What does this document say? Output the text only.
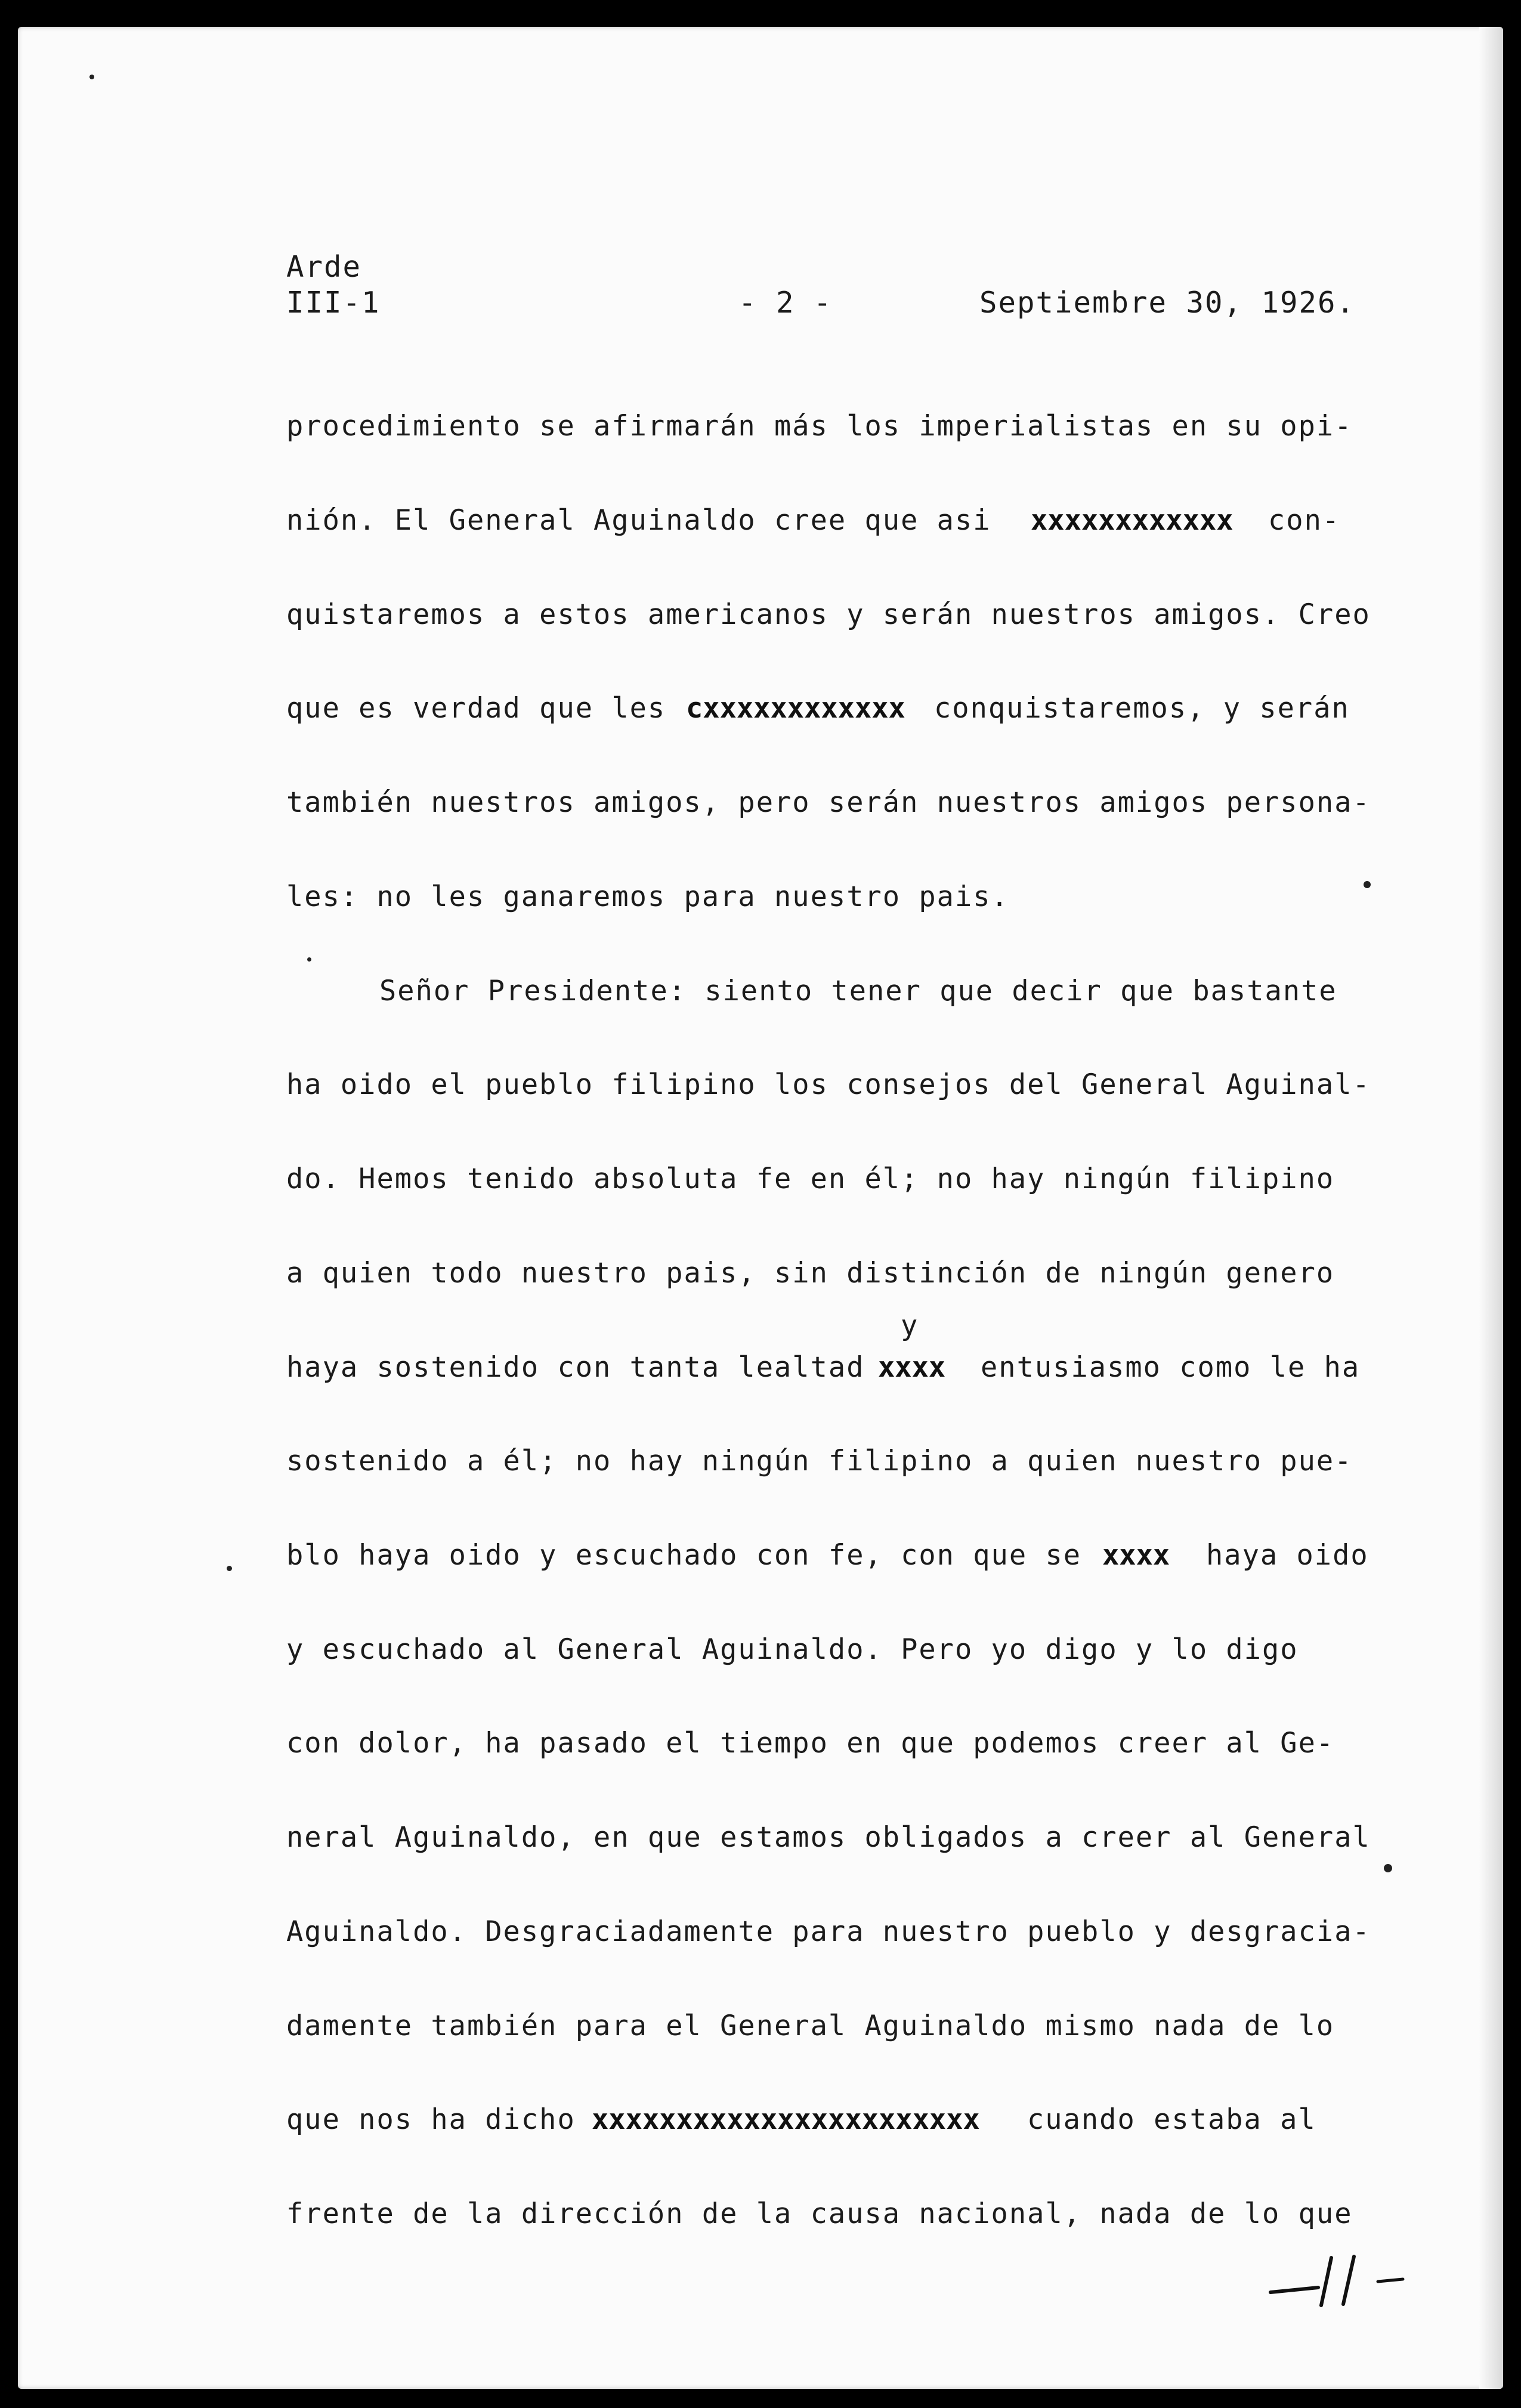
Arde
III-1	- 2 -	Septiembre 30, 1926.
procedimiento se afirmarán más los imperialistas en su opi-
nión. El General Aguinaldo cree que asi xxxxxxxxxxxx con-
quistaremos a estos americanos y serán nuestros amigos. Creo
que es verdad que les cxxxxxxxxxxxx conquistaremos, y serán
también nuestros amigos, pero serán nuestros amigos persona-
les: no les ganaremos para nuestro pais.
Señor Presidente: siento tener que decir que bastante
ha oido el pueblo filipino los consejos del General Aguinal-
do. Hemos tenido absoluta fe en él; no hay ningún filipino
a quien todo nuestro pais, sin distinción de ningún genero
y
haya sostenido con tanta lealtad xxxx entusiasmo como le ha
sostenido a él; no hay ningún filipino a quien nuestro pue-
blo haya oido y escuchado con fe, con que se xxxx haya oido
y escuchado al General Aguinaldo. Pero yo digo y lo digo
con dolor, ha pasado el tiempo en que podemos creer al Ge-
neral Aguinaldo, en que estamos obligados a creer al General
Aguinaldo. Desgraciadamente para nuestro pueblo y desgracia-
damente también para el General Aguinaldo mismo nada de lo
que nos ha dicho xxxxxxxxxxxxxxxxxxxxxxx cuando estaba al
frente de la dirección de la causa nacional, nada de lo que
